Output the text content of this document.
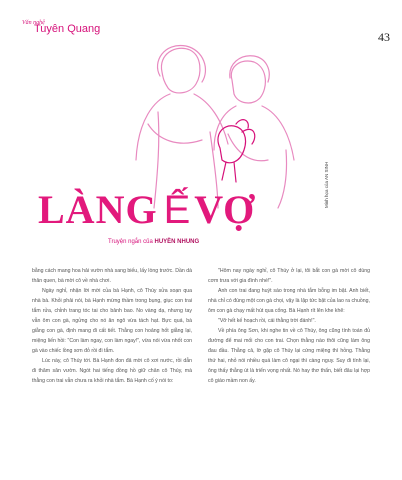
Văn nghệ
Tuyên Quang
43
Minh họa của AN SINH
LÀNG Ế VỢ
Truyện ngắn của HUYỀN NHUNG

bằng cách mang hoa hải vườn nhà sang biếu, lấy lòng trước. Dần dà thân quen, bà mời cô về nhà chơi.

Ngày nghỉ, nhận lời mời của bà Hạnh, cô Thúy sửa soạn qua nhà bà. Khỏi phải nói, bà Hạnh mừng thầm trong bụng, giục con trai tắm rửa, chỉnh trang tóc tai cho bảnh bao. No vàng dạ, nhưng tay vẫn ôm con gà, ngửng cho nó ăn ngô vừa tách hạt. Bực quá, bà giằng con gà, định mang đi cất tiết. Thằng con hoảng hốt giằng lại, miệng liến hồi: "Con làm ngay, con làm ngay!", vừa nói vừa nhốt con gà vào chiếc lồng sơn đỏ rồi đi tắm.

Lúc này, cô Thúy tới. Bà Hạnh đon đả mời cô xơi nước, rồi dẫn đi thăm sân vườn. Ngót hai tiếng đồng hồ giữ chân cô Thúy, mà thằng con trai vẫn chưa ra khỏi nhà tắm. Bà Hạnh cố ý nói to:

"Hôm nay ngày nghỉ, cô Thúy ở lại, tôi bắt con gà mời cô dùng cơm trưa với gia đình nhé!".

Anh con trai đang huýt sáo trong nhà tắm bỗng im bặt. Anh biết, nhà chỉ có đúng một con gà chọi, vậy là lập tức bật của lao ra chuồng, ôm con gà chạy mất hút qua cổng. Bà Hạnh rít lên khe khẽ:

"Vỡ hết kế hoạch rồi, cái thằng trời đánh!".

Về phía ông Sơn, khi nghe tin về cô Thúy, ông cũng tính toán đủ đường để mai mối cho con trai. Chọn thằng nào thôi cũng làm ông đau đầu. Thằng cả, lờ gặp cô Thúy lại cứng miệng thì hỏng. Thằng thứ hai, nhỏ nói nhiều quá làm cô ngại thì càng nguy. Suy đi tính lại, ông thấy thằng út là triển vọng nhất. Nó hay thơ thẩn, biết đâu lại hợp cô giáo mầm non ấy.
